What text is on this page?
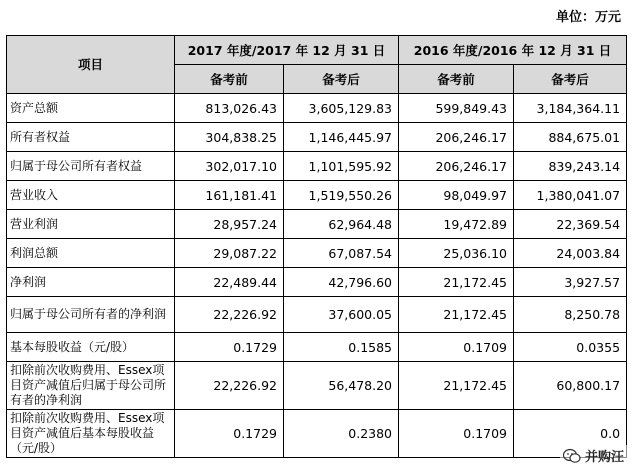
单位：万元
项目	2017 年度/2017 年 12 月 31 日		2016 年度/2016 年 12 月 31 日	
	备考前	备考后	备考前	备考后
资产总额	813,026.43	3,605,129.83	599,849.43	3,184,364.11
所有者权益	304,838.25	1,146,445.97	206,246.17	884,675.01
归属于母公司所有者权益	302,017.10	1,101,595.92	206,246.17	839,243.14
营业收入	161,181.41	1,519,550.26	98,049.97	1,380,041.07
营业利润	28,957.24	62,964.48	19,472.89	22,369.54
利润总额	29,087.22	67,087.54	25,036.10	24,003.84
净利润	22,489.44	42,796.60	21,172.45	3,927.57
归属于母公司所有者的净利润	22,226.92	37,600.05	21,172.45	8,250.78
基本每股收益（元/股）	0.1729	0.1585	0.1709	0.0355
扣除前次收购费用、Essex项目资产减值后归属于母公司所有者的净利润	22,226.92	56,478.20	21,172.45	60,800.17
扣除前次收购费用、Essex项目资产减值后基本每股收益（元/股）	0.1729	0.2380	0.1709	0.0
并购汪
